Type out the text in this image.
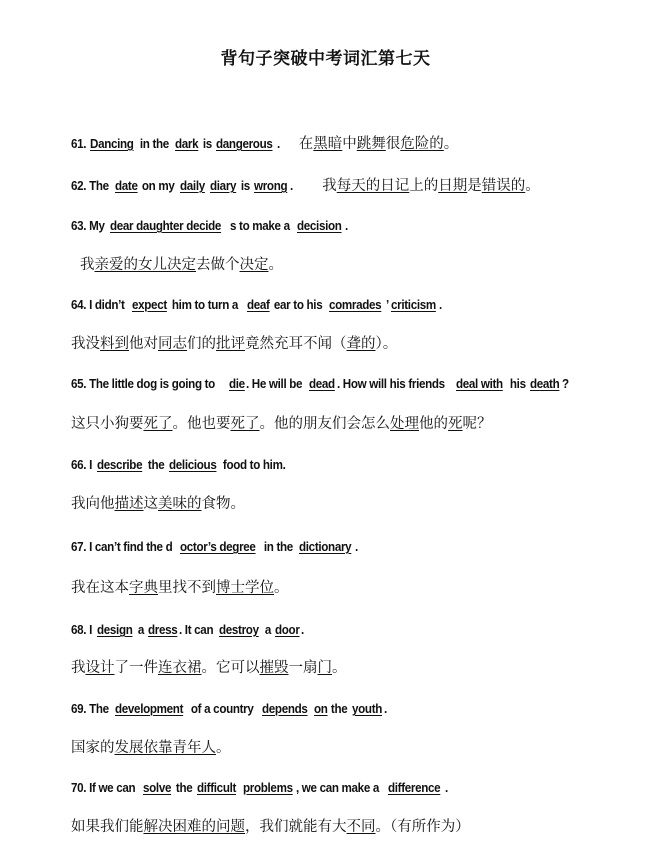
背句子突破中考词汇第七天
61. Dancing in the dark is dangerous .　 在黑暗中跳舞很危险的。
62. The date on my daily diary is wrong .　　我每天的日记上的日期是错误的。
63. My dear daughter decide s to make a decision .
我亲爱的女儿决定去做个决定。
64. I didn’t expect him to turn a deaf ear to his comrades ’ criticism .
我没料到他对同志们的批评竟然充耳不闻（聋的）。
65. The little dog is going to die. He will be dead . How will his friends deal with his death ?
这只小狗要死了。他也要死了。他的朋友们会怎么处理他的死呢？
66. I describe the delicious food to him.
我向他描述这美味的食物。
67. I can’t find the d octor’s degree in the dictionary .
我在这本字典里找不到博士学位。
68. I design a dress . It can destroy a door .
我设计了一件连衣裙。它可以摧毁一扇门。
69. The development of a country depends on the youth .
国家的发展依靠青年人。
70. If we can solve the difficult problems , we can make a difference .
如果我们能解决困难的问题，我们就能有大不同。（有所作为）
